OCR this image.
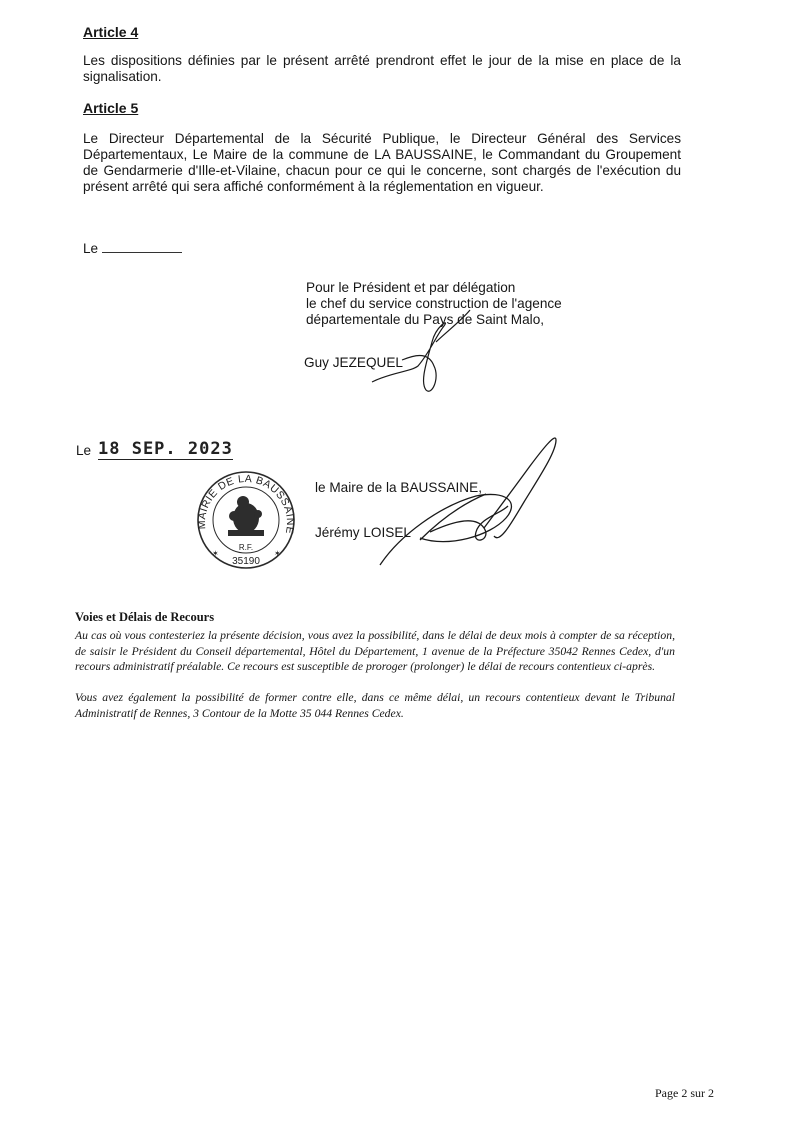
Article 4
Les dispositions définies par le présent arrêté prendront effet le jour de la mise en place de la signalisation.
Article 5
Le Directeur Départemental de la Sécurité Publique, le Directeur Général des Services Départementaux, Le Maire de la commune de LA BAUSSAINE, le Commandant du Groupement de Gendarmerie d'Ille-et-Vilaine, chacun pour ce qui le concerne, sont chargés de l'exécution du présent arrêté qui sera affiché conformément à la réglementation en vigueur.
Le
Pour le Président et par délégation
le chef du service construction de l'agence
départementale du Pays de Saint Malo,
Guy JEZEQUEL
Le 18 SEP. 2023
le Maire de la BAUSSAINE,
Jérémy LOISEL
MAIRIE DE LA BAUSSAINE
R.F.
35190
✶	✶
Voies et Délais de Recours
Au cas où vous contesteriez la présente décision, vous avez la possibilité, dans le délai de deux mois à compter de sa réception, de saisir le Président du Conseil départemental, Hôtel du Département, 1 avenue de la Préfecture 35042 Rennes Cedex, d'un recours administratif préalable. Ce recours est susceptible de proroger (prolonger) le délai de recours contentieux ci-après.
Vous avez également la possibilité de former contre elle, dans ce même délai, un recours contentieux devant le Tribunal Administratif de Rennes, 3 Contour de la Motte 35 044 Rennes Cedex.
Page 2 sur 2
